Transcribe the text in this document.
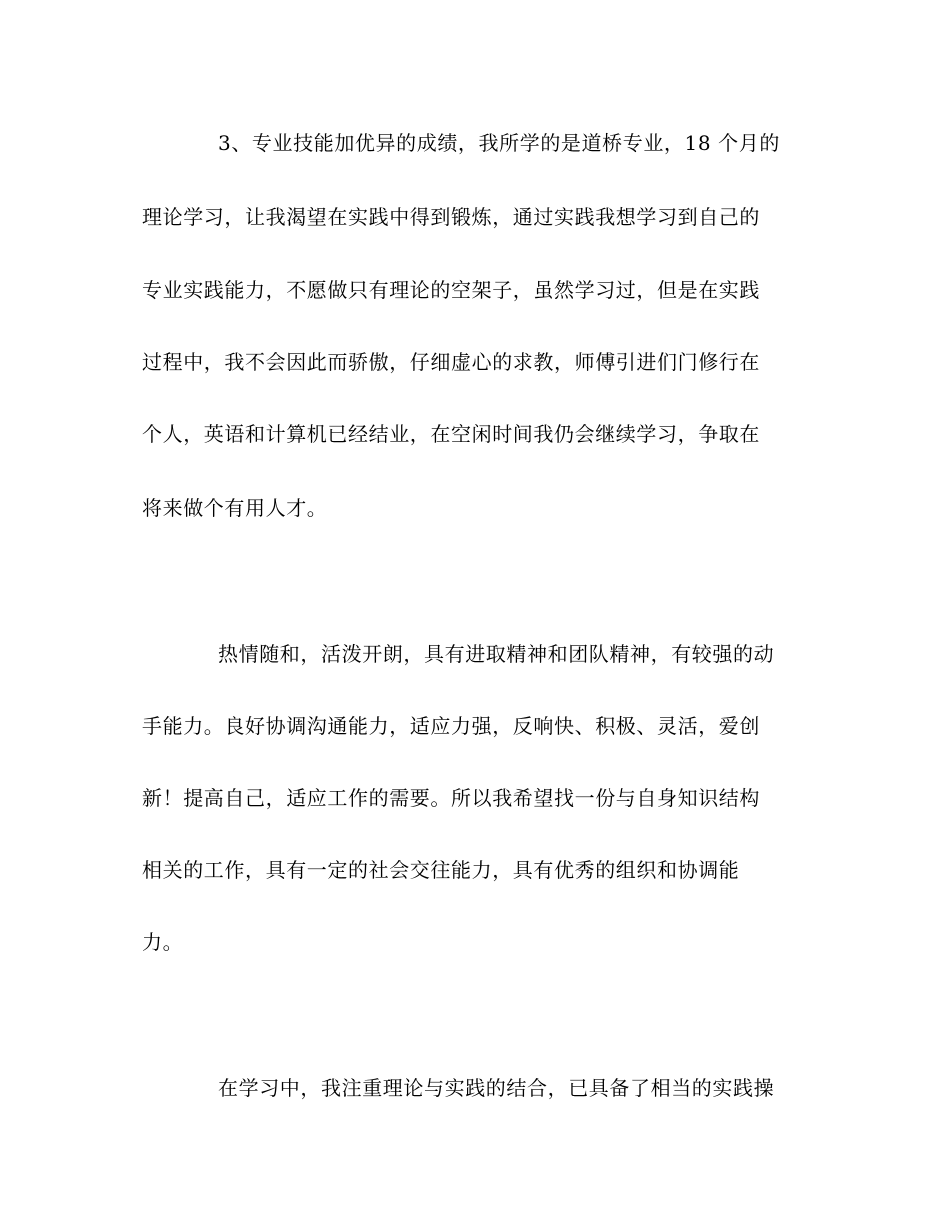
3、专业技能加优异的成绩，我所学的是道桥专业，18 个月的
理论学习，让我渴望在实践中得到锻炼，通过实践我想学习到自己的
专业实践能力，不愿做只有理论的空架子，虽然学习过，但是在实践
过程中，我不会因此而骄傲，仔细虚心的求教，师傅引进们门修行在
个人，英语和计算机已经结业，在空闲时间我仍会继续学习，争取在
将来做个有用人才。
热情随和，活泼开朗，具有进取精神和团队精神，有较强的动
手能力。良好协调沟通能力，适应力强，反响快、积极、灵活，爱创
新！提高自己，适应工作的需要。所以我希望找一份与自身知识结构
相关的工作，具有一定的社会交往能力，具有优秀的组织和协调能
力。
在学习中，我注重理论与实践的结合，已具备了相当的实践操
